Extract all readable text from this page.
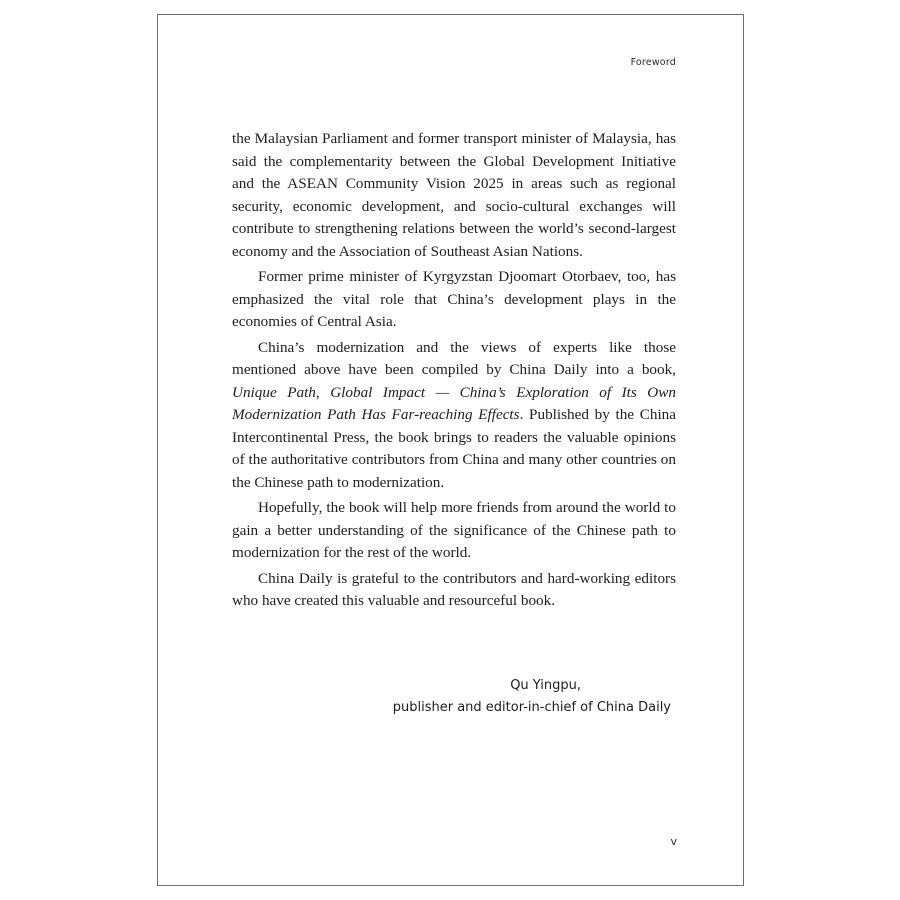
Foreword

the Malaysian Parliament and former transport minister of Malaysia, has said the complementarity between the Global Development Initiative and the ASEAN Community Vision 2025 in areas such as regional security, economic development, and socio-cultural exchanges will contribute to strengthening relations between the world’s second-largest economy and the Association of Southeast Asian Nations.

Former prime minister of Kyrgyzstan Djoomart Otorbaev, too, has emphasized the vital role that China’s development plays in the economies of Central Asia.

China’s modernization and the views of experts like those mentioned above have been compiled by China Daily into a book, Unique Path, Global Impact — China’s Exploration of Its Own Modernization Path Has Far-reaching Effects. Published by the China Intercontinental Press, the book brings to readers the valuable opinions of the authoritative contributors from China and many other countries on the Chinese path to modernization.

Hopefully, the book will help more friends from around the world to gain a better understanding of the significance of the Chinese path to modernization for the rest of the world.

China Daily is grateful to the contributors and hard-working editors who have created this valuable and resourceful book.

Qu Yingpu,
publisher and editor-in-chief of China Daily
v
